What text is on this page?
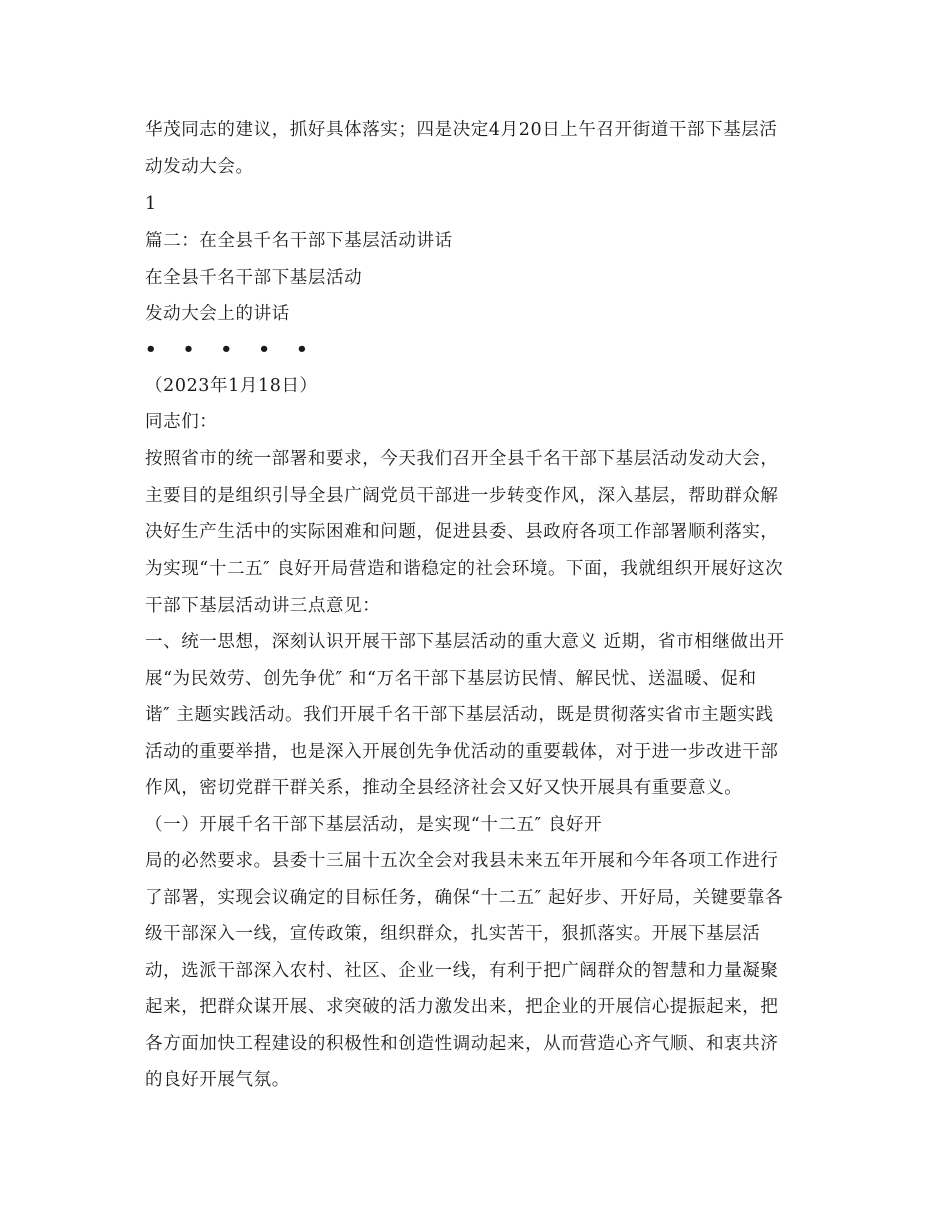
华茂同志的建议，抓好具体落实；四是决定4月20日上午召开街道干部下基层活
动发动大会。
1
篇二：在全县千名干部下基层活动讲话
在全县千名干部下基层活动
发动大会上的讲话
• • • • •
（2023年1月18日）
同志们：
按照省市的统一部署和要求，今天我们召开全县千名干部下基层活动发动大会，
主要目的是组织引导全县广阔党员干部进一步转变作风，深入基层，帮助群众解
决好生产生活中的实际困难和问题，促进县委、县政府各项工作部署顺利落实，
为实现“十二五″ 良好开局营造和谐稳定的社会环境。下面，我就组织开展好这次
干部下基层活动讲三点意见：
一、统一思想，深刻认识开展干部下基层活动的重大意义 近期，省市相继做出开
展“为民效劳、创先争优″ 和“万名干部下基层访民情、解民忧、送温暖、促和
谐″ 主题实践活动。我们开展千名干部下基层活动，既是贯彻落实省市主题实践
活动的重要举措，也是深入开展创先争优活动的重要载体，对于进一步改进干部
作风，密切党群干群关系，推动全县经济社会又好又快开展具有重要意义。
（一）开展千名干部下基层活动，是实现“十二五″ 良好开
局的必然要求。县委十三届十五次全会对我县未来五年开展和今年各项工作进行
了部署，实现会议确定的目标任务，确保“十二五″ 起好步、开好局，关键要靠各
级干部深入一线，宣传政策，组织群众，扎实苦干，狠抓落实。开展下基层活
动，选派干部深入农村、社区、企业一线，有利于把广阔群众的智慧和力量凝聚
起来，把群众谋开展、求突破的活力激发出来，把企业的开展信心提振起来，把
各方面加快工程建设的积极性和创造性调动起来，从而营造心齐气顺、和衷共济
的良好开展气氛。
